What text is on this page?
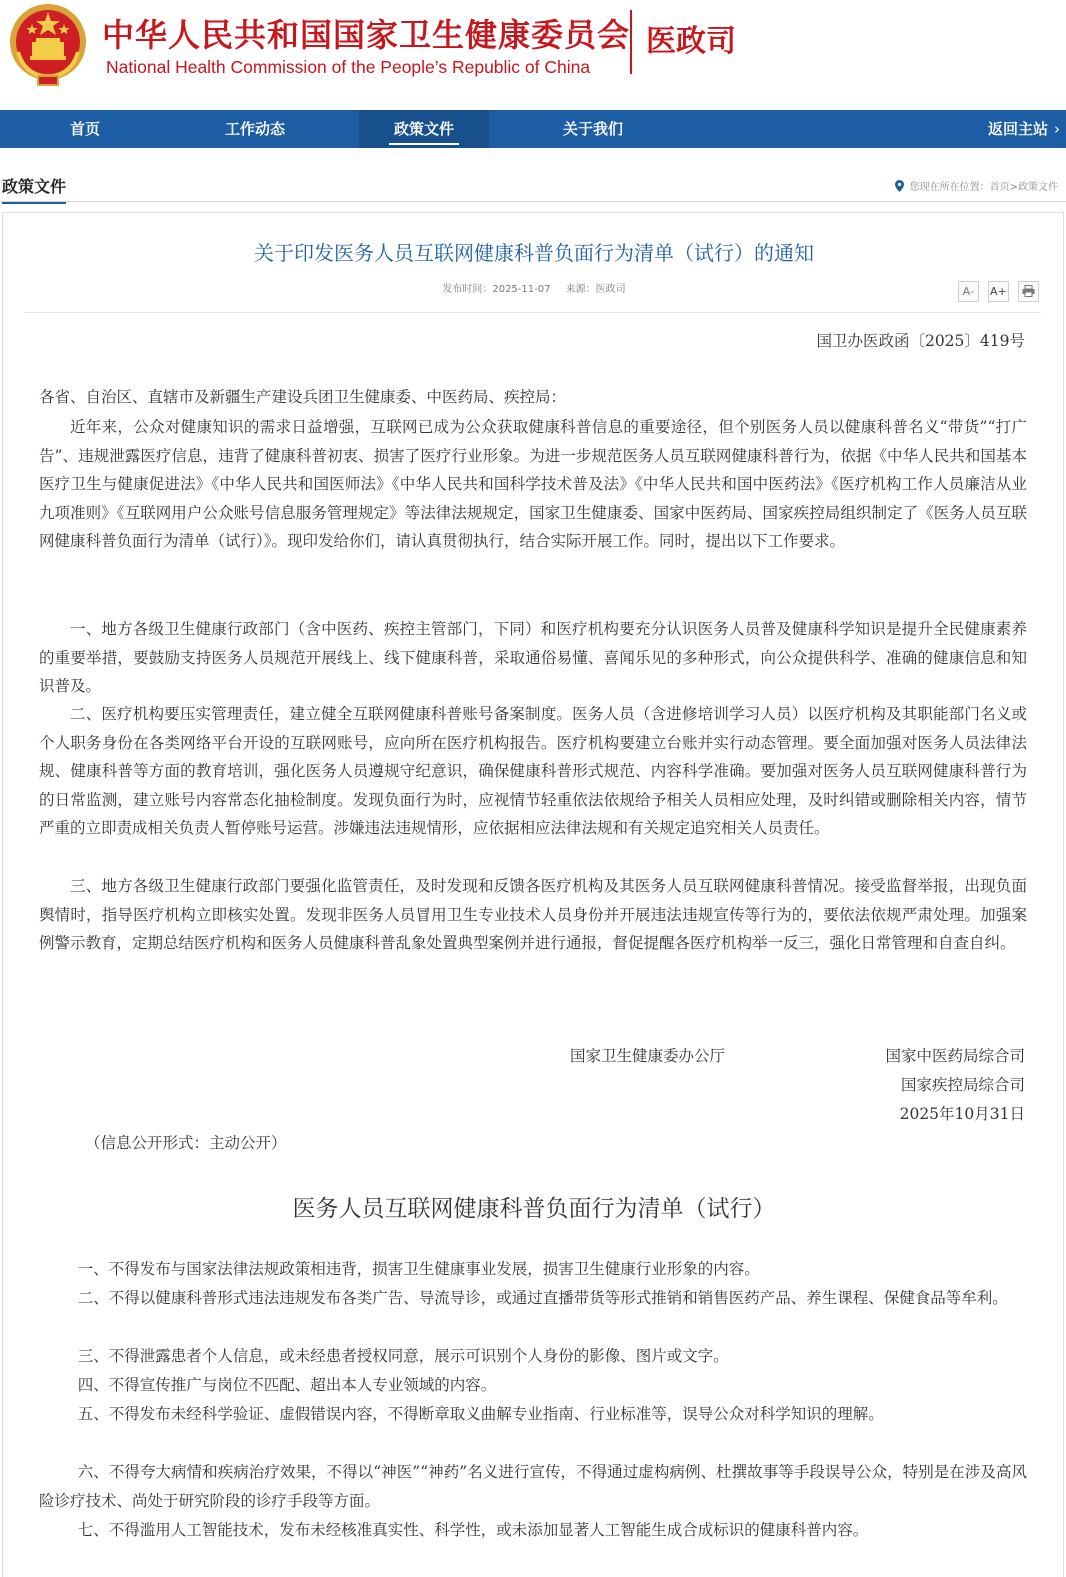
中华人民共和国国家卫生健康委员会
National Health Commission of the People’s Republic of China
医政司
首页	工作动态	政策文件	关于我们	返回主站 ›
政策文件	您现在所在位置：首页>政策文件
关于印发医务人员互联网健康科普负面行为清单（试行）的通知
发布时间：2025-11-07 来源：医政司	A- A+
国卫办医政函〔2025〕419号
各省、自治区、直辖市及新疆生产建设兵团卫生健康委、中医药局、疾控局：

近年来，公众对健康知识的需求日益增强，互联网已成为公众获取健康科普信息的重要途径，但个别医务人员以健康科普名义“带货”“打广告”、违规泄露医疗信息，违背了健康科普初衷、损害了医疗行业形象。为进一步规范医务人员互联网健康科普行为，依据《中华人民共和国基本医疗卫生与健康促进法》《中华人民共和国医师法》《中华人民共和国科学技术普及法》《中华人民共和国中医药法》《医疗机构工作人员廉洁从业九项准则》《互联网用户公众账号信息服务管理规定》等法律法规规定，国家卫生健康委、国家中医药局、国家疾控局组织制定了《医务人员互联网健康科普负面行为清单（试行）》。现印发给你们，请认真贯彻执行，结合实际开展工作。同时，提出以下工作要求。

一、地方各级卫生健康行政部门（含中医药、疾控主管部门，下同）和医疗机构要充分认识医务人员普及健康科学知识是提升全民健康素养的重要举措，要鼓励支持医务人员规范开展线上、线下健康科普，采取通俗易懂、喜闻乐见的多种形式，向公众提供科学、准确的健康信息和知识普及。

二、医疗机构要压实管理责任，建立健全互联网健康科普账号备案制度。医务人员（含进修培训学习人员）以医疗机构及其职能部门名义或个人职务身份在各类网络平台开设的互联网账号，应向所在医疗机构报告。医疗机构要建立台账并实行动态管理。要全面加强对医务人员法律法规、健康科普等方面的教育培训，强化医务人员遵规守纪意识，确保健康科普形式规范、内容科学准确。要加强对医务人员互联网健康科普行为的日常监测，建立账号内容常态化抽检制度。发现负面行为时，应视情节轻重依法依规给予相关人员相应处理，及时纠错或删除相关内容，情节严重的立即责成相关负责人暂停账号运营。涉嫌违法违规情形，应依据相应法律法规和有关规定追究相关人员责任。

三、地方各级卫生健康行政部门要强化监管责任，及时发现和反馈各医疗机构及其医务人员互联网健康科普情况。接受监督举报，出现负面舆情时，指导医疗机构立即核实处置。发现非医务人员冒用卫生专业技术人员身份并开展违法违规宣传等行为的，要依法依规严肃处理。加强案例警示教育，定期总结医疗机构和医务人员健康科普乱象处置典型案例并进行通报，督促提醒各医疗机构举一反三，强化日常管理和自查自纠。

国家卫生健康委办公厅	国家中医药局综合司
国家疾控局综合司
2025年10月31日
（信息公开形式：主动公开）
医务人员互联网健康科普负面行为清单（试行）

一、不得发布与国家法律法规政策相违背，损害卫生健康事业发展，损害卫生健康行业形象的内容。

二、不得以健康科普形式违法违规发布各类广告、导流导诊，或通过直播带货等形式推销和销售医药产品、养生课程、保健食品等牟利。

三、不得泄露患者个人信息，或未经患者授权同意，展示可识别个人身份的影像、图片或文字。

四、不得宣传推广与岗位不匹配、超出本人专业领域的内容。

五、不得发布未经科学验证、虚假错误内容，不得断章取义曲解专业指南、行业标准等，误导公众对科学知识的理解。

六、不得夸大病情和疾病治疗效果，不得以“神医”“神药”名义进行宣传，不得通过虚构病例、杜撰故事等手段误导公众，特别是在涉及高风险诊疗技术、尚处于研究阶段的诊疗手段等方面。

七、不得滥用人工智能技术，发布未经核准真实性、科学性，或未添加显著人工智能生成合成标识的健康科普内容。
